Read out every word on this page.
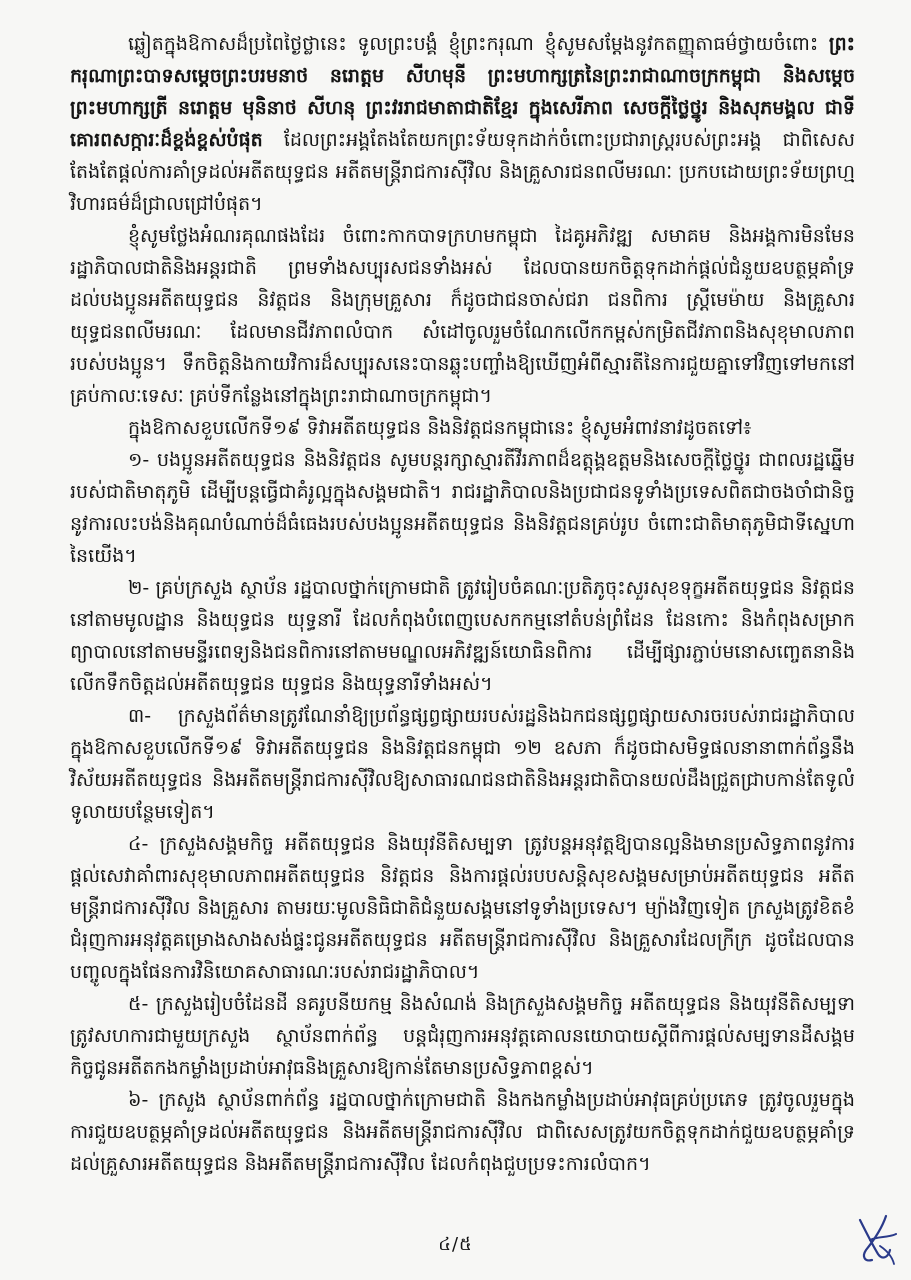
ឆ្លៀតក្នុងឱកាសដ៏ប្រពៃថ្ងៃថ្លានេះ ទូលព្រះបង្គំ ខ្ញុំព្រះករុណា ខ្ញុំសូមសម្តែងនូវកតញ្ញុតាធម៌ថ្វាយចំពោះ ព្រះករុណាព្រះបាទសម្តេចព្រះបរមនាថ នរោត្តម សីហមុនី ព្រះមហាក្សត្រនៃព្រះរាជាណាចក្រកម្ពុជា និងសម្តេចព្រះមហាក្សត្រី នរោត្តម មុនិនាថ សីហនុ ព្រះវររាជមាតាជាតិខ្មែរ ក្នុងសេរីភាព សេចក្តីថ្លៃថ្នូរ និងសុភមង្គល ជាទីគោរពសក្ការៈដ៏ខ្ពង់ខ្ពស់បំផុត ដែលព្រះអង្គតែងតែយកព្រះទ័យទុកដាក់ចំពោះប្រជារាស្ត្ររបស់ព្រះអង្គ ជាពិសេសតែងតែផ្តល់ការគាំទ្រដល់អតីតយុទ្ធជន អតីតមន្ត្រីរាជការស៊ីវិល និងគ្រួសារជនពលីមរណៈ ប្រកបដោយព្រះទ័យព្រហ្មវិហារធម៌ដ៏ជ្រាលជ្រៅបំផុត។

ខ្ញុំសូមថ្លែងអំណរគុណផងដែរ ចំពោះកាកបាទក្រហមកម្ពុជា ដៃគូអភិវឌ្ឍ សមាគម និងអង្គការមិនមែនរដ្ឋាភិបាលជាតិនិងអន្តរជាតិ ព្រមទាំងសប្បុរសជនទាំងអស់ ដែលបានយកចិត្តទុកដាក់ផ្តល់ជំនួយឧបត្ថម្ភគាំទ្រដល់បងប្អូនអតីតយុទ្ធជន និវត្តជន និងក្រុមគ្រួសារ ក៏ដូចជាជនចាស់ជរា ជនពិការ ស្ត្រីមេម៉ាយ និងគ្រួសារយុទ្ធជនពលីមរណៈ ដែលមានជីវភាពលំបាក សំដៅចូលរួមចំណែកលើកកម្ពស់កម្រិតជីវភាពនិងសុខុមាលភាពរបស់បងប្អូន។ ទឹកចិត្តនិងកាយវិការដ៏សប្បុរសនេះបានឆ្លុះបញ្ចាំងឱ្យឃើញអំពីស្មារតីនៃការជួយគ្នាទៅវិញទៅមកនៅគ្រប់កាលៈទេសៈ គ្រប់ទីកន្លែងនៅក្នុងព្រះរាជាណាចក្រកម្ពុជា។

ក្នុងឱកាសខួបលើកទី១៩ ទិវាអតីតយុទ្ធជន និងនិវត្តជនកម្ពុជានេះ ខ្ញុំសូមអំពាវនាវដូចតទៅ៖

១- បងប្អូនអតីតយុទ្ធជន និងនិវត្តជន សូមបន្តរក្សាស្មារតីវីរភាពដ៏ឧត្តុង្គឧត្តមនិងសេចក្តីថ្លៃថ្នូរ ជាពលរដ្ឋឆ្នើមរបស់ជាតិមាតុភូមិ ដើម្បីបន្តធ្វើជាគំរូល្អក្នុងសង្គមជាតិ។ រាជរដ្ឋាភិបាលនិងប្រជាជនទូទាំងប្រទេសពិតជាចងចាំជានិច្ចនូវការលះបង់និងគុណបំណាច់ដ៏ធំធេងរបស់បងប្អូនអតីតយុទ្ធជន និងនិវត្តជនគ្រប់រូប ចំពោះជាតិមាតុភូមិជាទីស្នេហានៃយើង។

២- គ្រប់ក្រសួង ស្ថាប័ន រដ្ឋបាលថ្នាក់ក្រោមជាតិ ត្រូវរៀបចំគណៈប្រតិភូចុះសួរសុខទុក្ខអតីតយុទ្ធជន និវត្តជននៅតាមមូលដ្ឋាន និងយុទ្ធជន យុទ្ធនារី ដែលកំពុងបំពេញបេសកកម្មនៅតំបន់ព្រំដែន ដែនកោះ និងកំពុងសម្រាកព្យាបាលនៅតាមមន្ទីរពេទ្យនិងជនពិការនៅតាមមណ្ឌលអភិវឌ្ឍន៍យោធិនពិការ ដើម្បីផ្សារភ្ជាប់មនោសញ្ចេតនានិងលើកទឹកចិត្តដល់អតីតយុទ្ធជន យុទ្ធជន និងយុទ្ធនារីទាំងអស់។

៣- ក្រសួងព័ត៌មានត្រូវណែនាំឱ្យប្រព័ន្ធផ្សព្វផ្សាយរបស់រដ្ឋនិងឯកជនផ្សព្វផ្សាយសារចរបស់រាជរដ្ឋាភិបាលក្នុងឱកាសខួបលើកទី១៩ ទិវាអតីតយុទ្ធជន និងនិវត្តជនកម្ពុជា ១២ ឧសភា ក៏ដូចជាសមិទ្ធផលនានាពាក់ព័ន្ធនឹងវិស័យអតីតយុទ្ធជន និងអតីតមន្ត្រីរាជការស៊ីវិលឱ្យសាធារណជនជាតិនិងអន្តរជាតិបានយល់ដឹងជ្រួតជ្រាបកាន់តែទូលំទូលាយបន្ថែមទៀត។

៤- ក្រសួងសង្គមកិច្ច អតីតយុទ្ធជន និងយុវនីតិសម្បទា ត្រូវបន្តអនុវត្តឱ្យបានល្អនិងមានប្រសិទ្ធភាពនូវការផ្តល់សេវាគាំពារសុខុមាលភាពអតីតយុទ្ធជន និវត្តជន និងការផ្តល់របបសន្តិសុខសង្គមសម្រាប់អតីតយុទ្ធជន អតីតមន្ត្រីរាជការស៊ីវិល និងគ្រួសារ តាមរយៈមូលនិធិជាតិជំនួយសង្គមនៅទូទាំងប្រទេស។ ម្យ៉ាងវិញទៀត ក្រសួងត្រូវខិតខំជំរុញការអនុវត្តគម្រោងសាងសង់ផ្ទះជូនអតីតយុទ្ធជន អតីតមន្ត្រីរាជការស៊ីវិល និងគ្រួសារដែលក្រីក្រ ដូចដែលបានបញ្ចូលក្នុងផែនការវិនិយោគសាធារណៈរបស់រាជរដ្ឋាភិបាល។

៥- ក្រសួងរៀបចំដែនដី នគរូបនីយកម្ម និងសំណង់ និងក្រសួងសង្គមកិច្ច អតីតយុទ្ធជន និងយុវនីតិសម្បទា ត្រូវសហការជាមួយក្រសួង ស្ថាប័នពាក់ព័ន្ធ បន្តជំរុញការអនុវត្តគោលនយោបាយស្តីពីការផ្តល់សម្បទានដីសង្គមកិច្ចជូនអតីតកងកម្លាំងប្រដាប់អាវុធនិងគ្រួសារឱ្យកាន់តែមានប្រសិទ្ធភាពខ្ពស់។

៦- ក្រសួង ស្ថាប័នពាក់ព័ន្ធ រដ្ឋបាលថ្នាក់ក្រោមជាតិ និងកងកម្លាំងប្រដាប់អាវុធគ្រប់ប្រភេទ ត្រូវចូលរួមក្នុងការជួយឧបត្ថម្ភគាំទ្រដល់អតីតយុទ្ធជន និងអតីតមន្ត្រីរាជការស៊ីវិល ជាពិសេសត្រូវយកចិត្តទុកដាក់ជួយឧបត្ថម្ភគាំទ្រដល់គ្រួសារអតីតយុទ្ធជន និងអតីតមន្ត្រីរាជការស៊ីវិល ដែលកំពុងជួបប្រទះការលំបាក។

៤/៥
